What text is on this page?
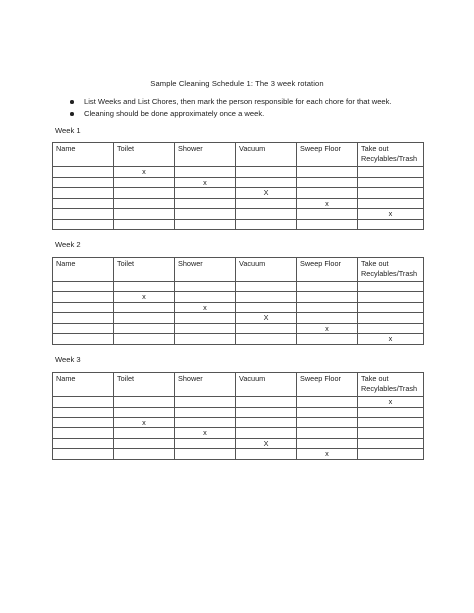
Sample Cleaning Schedule 1: The 3 week rotation
List Weeks and List Chores, then mark the person responsible for each chore for that week.
Cleaning should be done approximately once a week.
Week 1
Name	Toilet	Shower	Vacuum	Sweep Floor	Take out
Recylables/Trash
	x				
		x			
			X		
				x	
					x

Week 2
Name	Toilet	Shower	Vacuum	Sweep Floor	Take out
Recylables/Trash

	x				
		x			
			X		
				x	
					x
Week 3
Name	Toilet	Shower	Vacuum	Sweep Floor	Take out
Recylables/Trash
					x

	x				
		x			
			X		
				x	
